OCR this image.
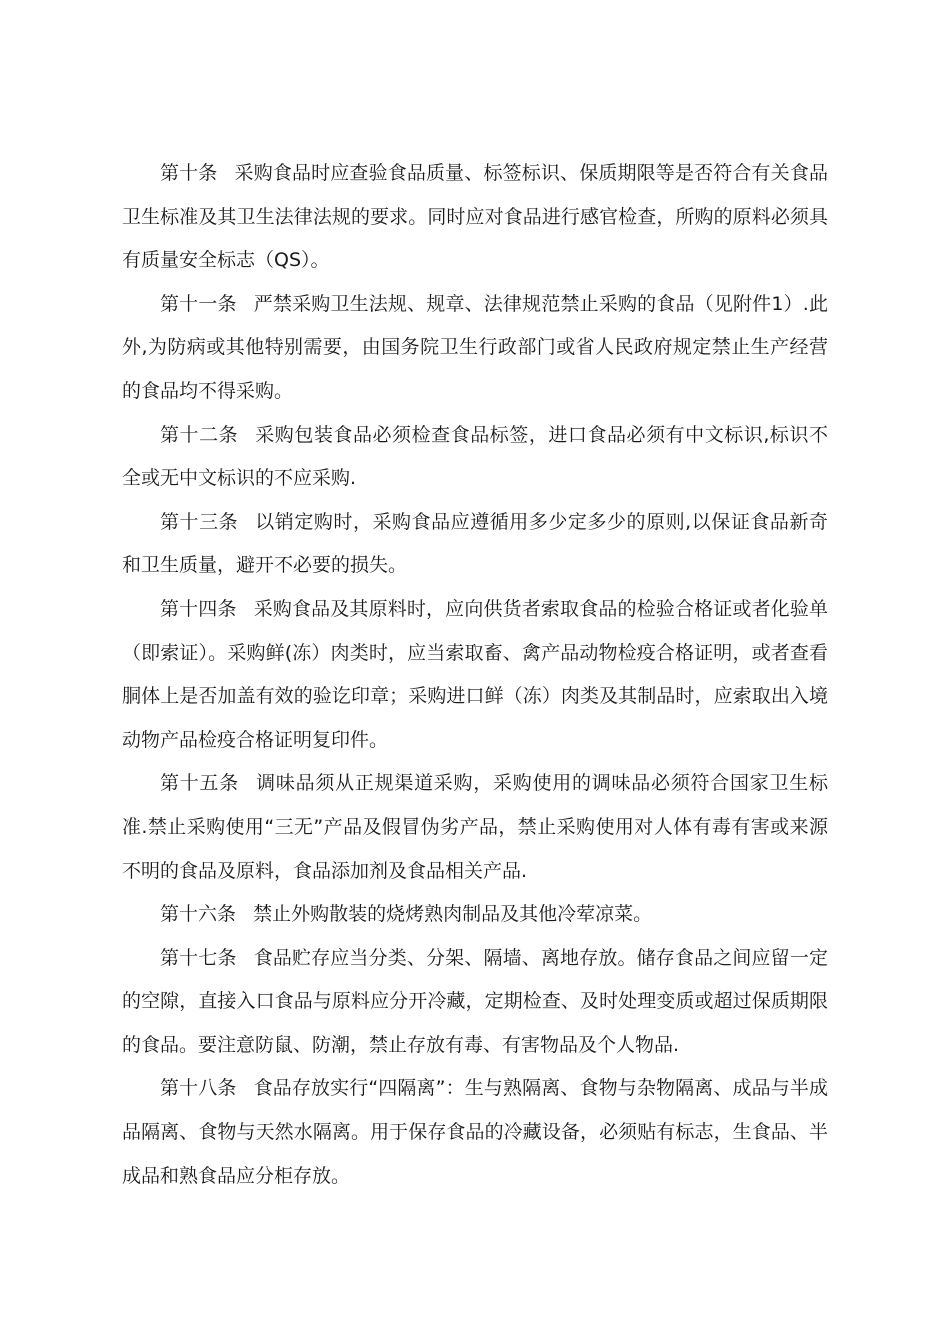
第十条 采购食品时应查验食品质量、标签标识、保质期限等是否符合有关食品卫生标准及其卫生法律法规的要求。同时应对食品进行感官检查，所购的原料必须具有质量安全标志（QS）。

第十一条 严禁采购卫生法规、规章、法律规范禁止采购的食品（见附件1）.此外,为防病或其他特别需要，由国务院卫生行政部门或省人民政府规定禁止生产经营的食品均不得采购。

第十二条 采购包装食品必须检查食品标签，进口食品必须有中文标识,标识不全或无中文标识的不应采购.

第十三条 以销定购时，采购食品应遵循用多少定多少的原则,以保证食品新奇和卫生质量，避开不必要的损失。

第十四条 采购食品及其原料时，应向供货者索取食品的检验合格证或者化验单（即索证）。采购鲜(冻）肉类时，应当索取畜、禽产品动物检疫合格证明，或者查看胴体上是否加盖有效的验讫印章；采购进口鲜（冻）肉类及其制品时，应索取出入境动物产品检疫合格证明复印件。

第十五条 调味品须从正规渠道采购，采购使用的调味品必须符合国家卫生标准.禁止采购使用“三无”产品及假冒伪劣产品，禁止采购使用对人体有毒有害或来源不明的食品及原料，食品添加剂及食品相关产品.

第十六条 禁止外购散装的烧烤熟肉制品及其他冷荤凉菜。

第十七条 食品贮存应当分类、分架、隔墙、离地存放。储存食品之间应留一定的空隙，直接入口食品与原料应分开冷藏，定期检查、及时处理变质或超过保质期限的食品。要注意防鼠、防潮，禁止存放有毒、有害物品及个人物品.

第十八条 食品存放实行“四隔离”：生与熟隔离、食物与杂物隔离、成品与半成品隔离、食物与天然水隔离。用于保存食品的冷藏设备，必须贴有标志，生食品、半成品和熟食品应分柜存放。
